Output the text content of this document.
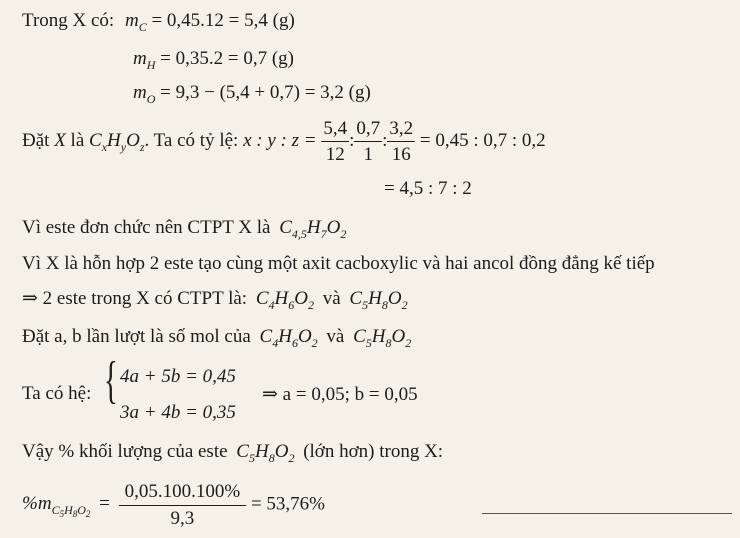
Trong X có: $m_C = 0,45.12 = 5,4$ (g)
$m_H = 0,35.2 = 0,7$ (g)
$m_O = 9,3 - (5,4 + 0,7) = 3,2$ (g)
Đặt X là $C_xH_yO_z$. Ta có tỷ lệ: x : y : $z = \frac{5,4}{12}$ : $\frac{0,7}{1}$ : $\frac{3,2}{16} = 0,45$ : 0,7 : 0,2
= 4,5 : 7 : 2
Vì este đơn chức nên CTPT X là $C_{4,5}H_7O_2$
Vì X là hỗn hợp 2 este tạo cùng một axit cacboxylic và hai ancol đồng đẳng kế tiếp
⇒ 2 este trong X có CTPT là: $C_4H_6O_2$ và $C_5H_8O_2$
Đặt a, b lần lượt là số mol của $C_4H_6O_2$ và $C_5H_8O_2$
Ta có hệ: { 4a + 5b = 0,45
3a + 4b = 0,35
⇒ a = 0,05; b = 0,05
Vậy % khối lượng của este $C_5H_8O_2$ (lớn hơn) trong X:
$\%m_{C_5H_8O_2} = \frac{0,05.100.100\%}{9,3} = 53,76\%$
